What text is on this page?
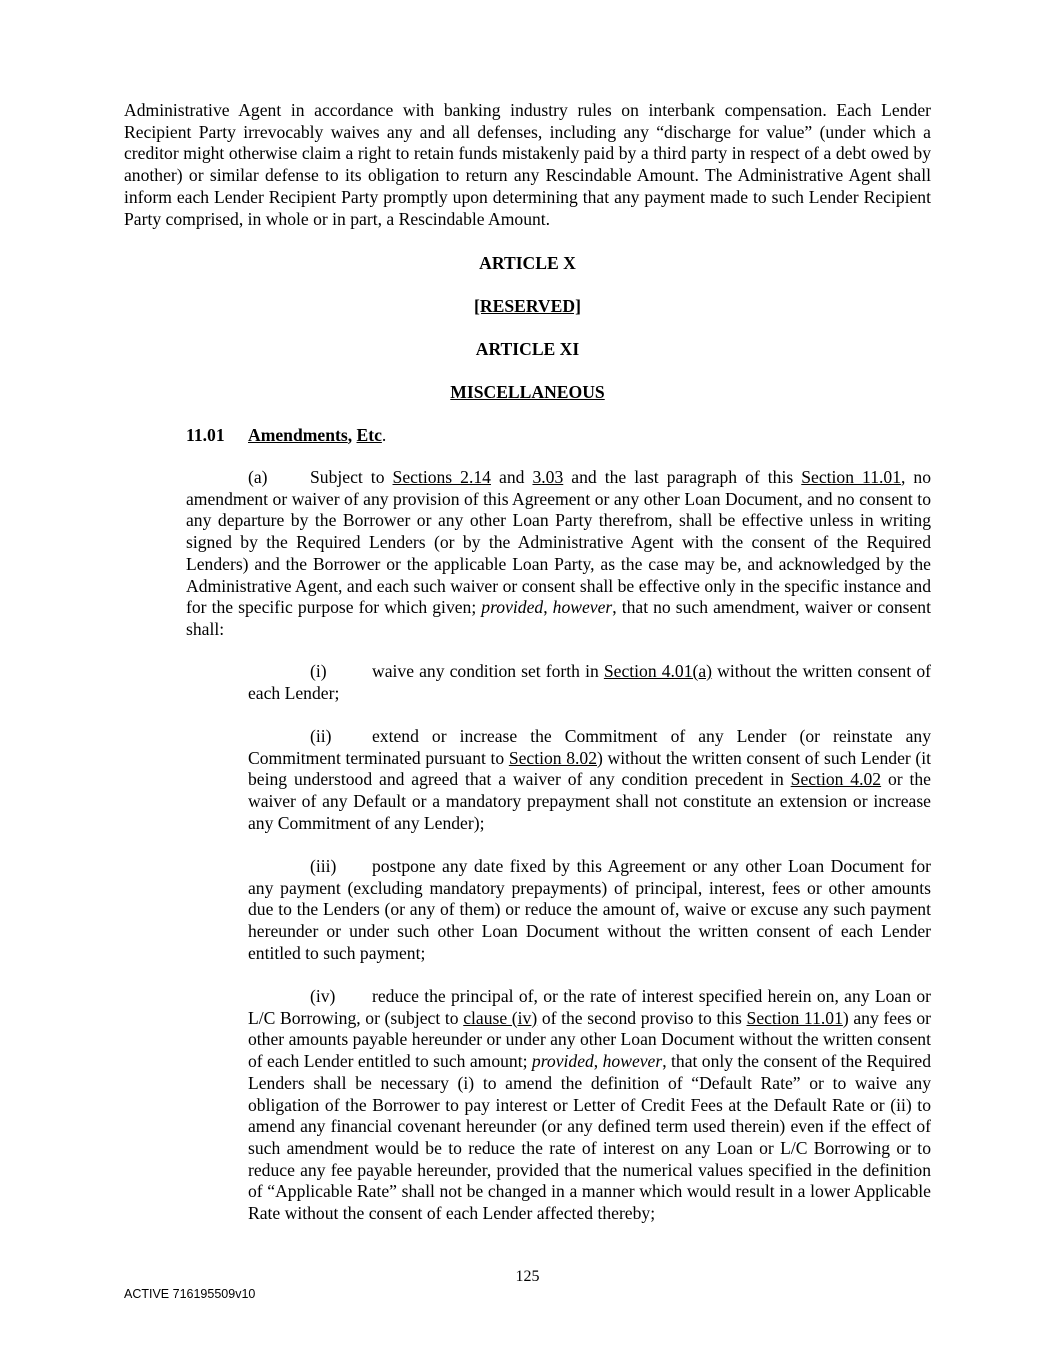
Administrative Agent in accordance with banking industry rules on interbank compensation. Each Lender Recipient Party irrevocably waives any and all defenses, including any “discharge for value” (under which a creditor might otherwise claim a right to retain funds mistakenly paid by a third party in respect of a debt owed by another) or similar defense to its obligation to return any Rescindable Amount. The Administrative Agent shall inform each Lender Recipient Party promptly upon determining that any payment made to such Lender Recipient Party comprised, in whole or in part, a Rescindable Amount.

ARTICLE X
[RESERVED]
ARTICLE XI
MISCELLANEOUS
11.01 Amendments, Etc.

(a) Subject to Sections 2.14 and 3.03 and the last paragraph of this Section 11.01, no amendment or waiver of any provision of this Agreement or any other Loan Document, and no consent to any departure by the Borrower or any other Loan Party therefrom, shall be effective unless in writing signed by the Required Lenders (or by the Administrative Agent with the consent of the Required Lenders) and the Borrower or the applicable Loan Party, as the case may be, and acknowledged by the Administrative Agent, and each such waiver or consent shall be effective only in the specific instance and for the specific purpose for which given; provided, however, that no such amendment, waiver or consent shall:

(i)	waive any condition set forth in Section 4.01(a) without the written consent of each Lender;

(ii) extend or increase the Commitment of any Lender (or reinstate any Commitment terminated pursuant to Section 8.02) without the written consent of such Lender (it being understood and agreed that a waiver of any condition precedent in Section 4.02 or the waiver of any Default or a mandatory prepayment shall not constitute an extension or increase any Commitment of any Lender);

(iii) postpone any date fixed by this Agreement or any other Loan Document for any payment (excluding mandatory prepayments) of principal, interest, fees or other amounts due to the Lenders (or any of them) or reduce the amount of, waive or excuse any such payment hereunder or under such other Loan Document without the written consent of each Lender entitled to such payment;

(iv) reduce the principal of, or the rate of interest specified herein on, any Loan or L/C Borrowing, or (subject to clause (iv) of the second proviso to this Section 11.01) any fees or other amounts payable hereunder or under any other Loan Document without the written consent of each Lender entitled to such amount; provided, however, that only the consent of the Required Lenders shall be necessary (i) to amend the definition of “Default Rate” or to waive any obligation of the Borrower to pay interest or Letter of Credit Fees at the Default Rate or (ii) to amend any financial covenant hereunder (or any defined term used therein) even if the effect of such amendment would be to reduce the rate of interest on any Loan or L/C Borrowing or to reduce any fee payable hereunder, provided that the numerical values specified in the definition of “Applicable Rate” shall not be changed in a manner which would result in a lower Applicable Rate without the consent of each Lender affected thereby;

125
ACTIVE 716195509v10
